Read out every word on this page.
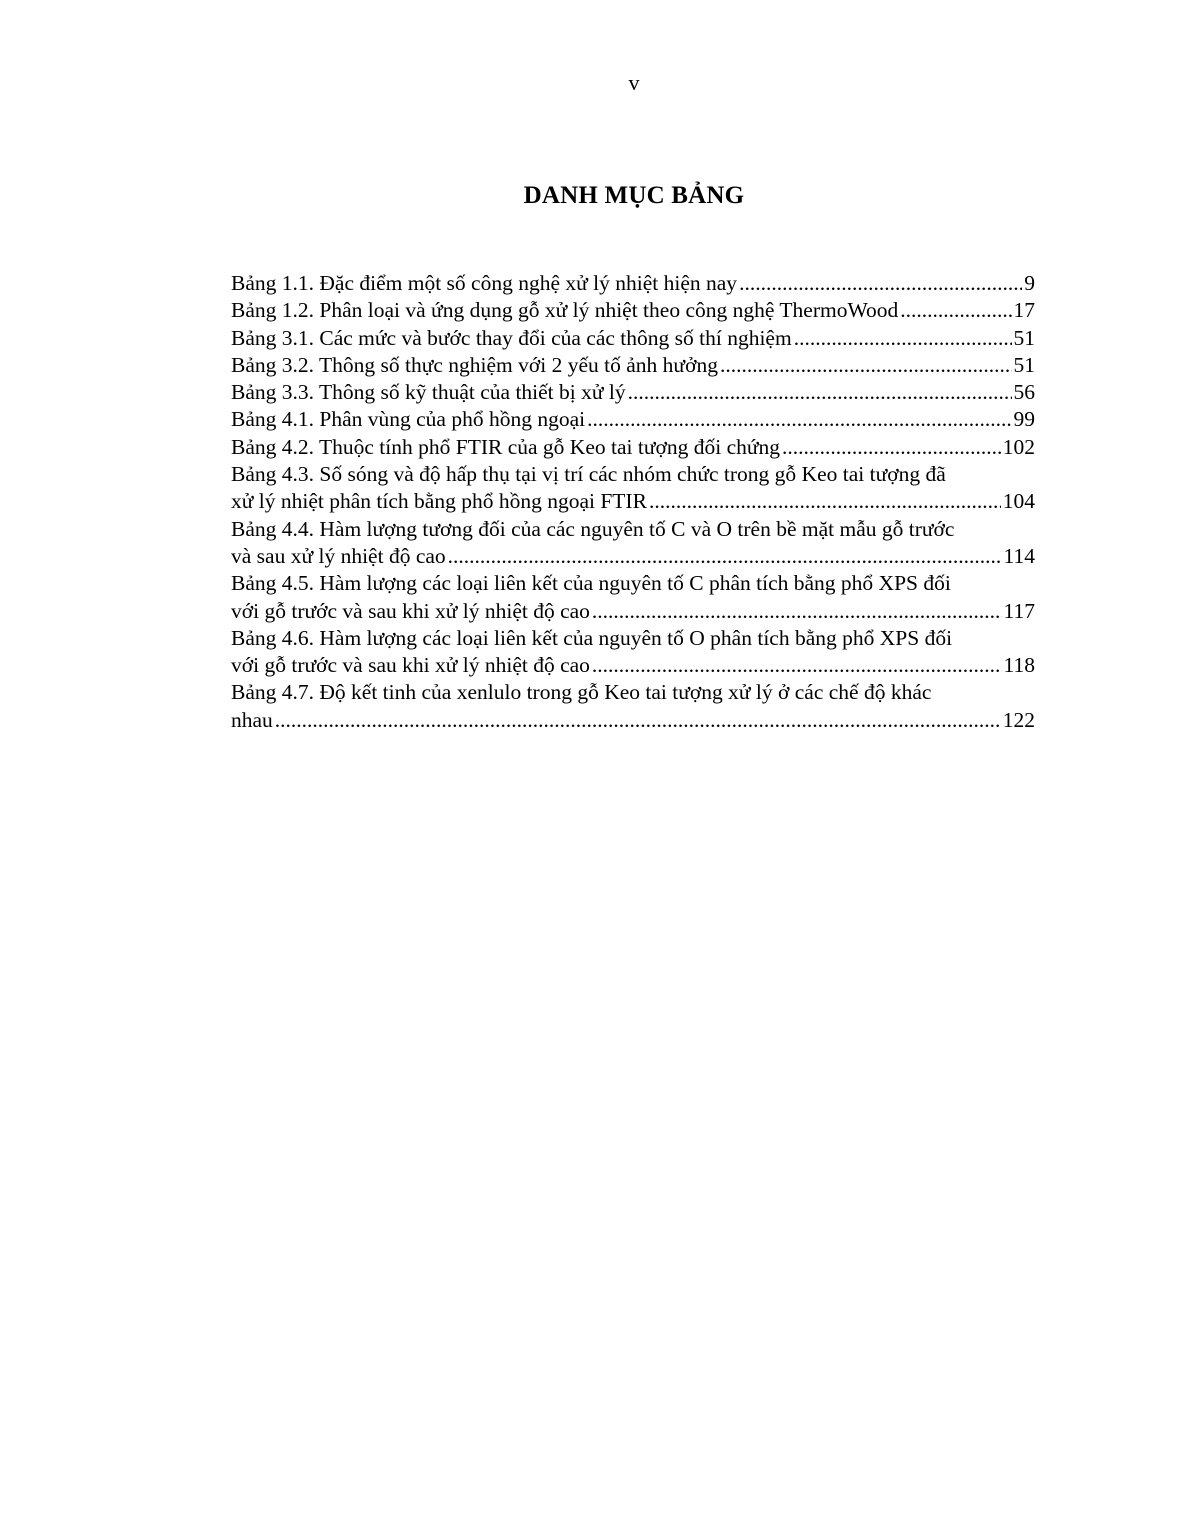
v
DANH MỤC BẢNG
Bảng 1.1. Đặc điểm một số công nghệ xử lý nhiệt hiện nay .....	9
Bảng 1.2. Phân loại và ứng dụng gỗ xử lý nhiệt theo công nghệ ThermoWood .....	17
Bảng 3.1. Các mức và bước thay đổi của các thông số thí nghiệm .....	51
Bảng 3.2. Thông số thực nghiệm với 2 yếu tố ảnh hưởng .....	51
Bảng 3.3. Thông số kỹ thuật của thiết bị xử lý .....	56
Bảng 4.1. Phân vùng của phổ hồng ngoại .....	99
Bảng 4.2. Thuộc tính phổ FTIR của gỗ Keo tai tượng đối chứng .....	102
Bảng 4.3. Số sóng và độ hấp thụ tại vị trí các nhóm chức trong gỗ Keo tai tượng đã
xử lý nhiệt phân tích bằng phổ hồng ngoại FTIR .....	104
Bảng 4.4. Hàm lượng tương đối của các nguyên tố C và O trên bề mặt mẫu gỗ trước
và sau xử lý nhiệt độ cao .....	114
Bảng 4.5. Hàm lượng các loại liên kết của nguyên tố C phân tích bằng phổ XPS đối
với gỗ trước và sau khi xử lý nhiệt độ cao .....	117
Bảng 4.6. Hàm lượng các loại liên kết của nguyên tố O phân tích bằng phổ XPS đối
với gỗ trước và sau khi xử lý nhiệt độ cao .....	118
Bảng 4.7. Độ kết tinh của xenlulo trong gỗ Keo tai tượng xử lý ở các chế độ khác
nhau .....	122
